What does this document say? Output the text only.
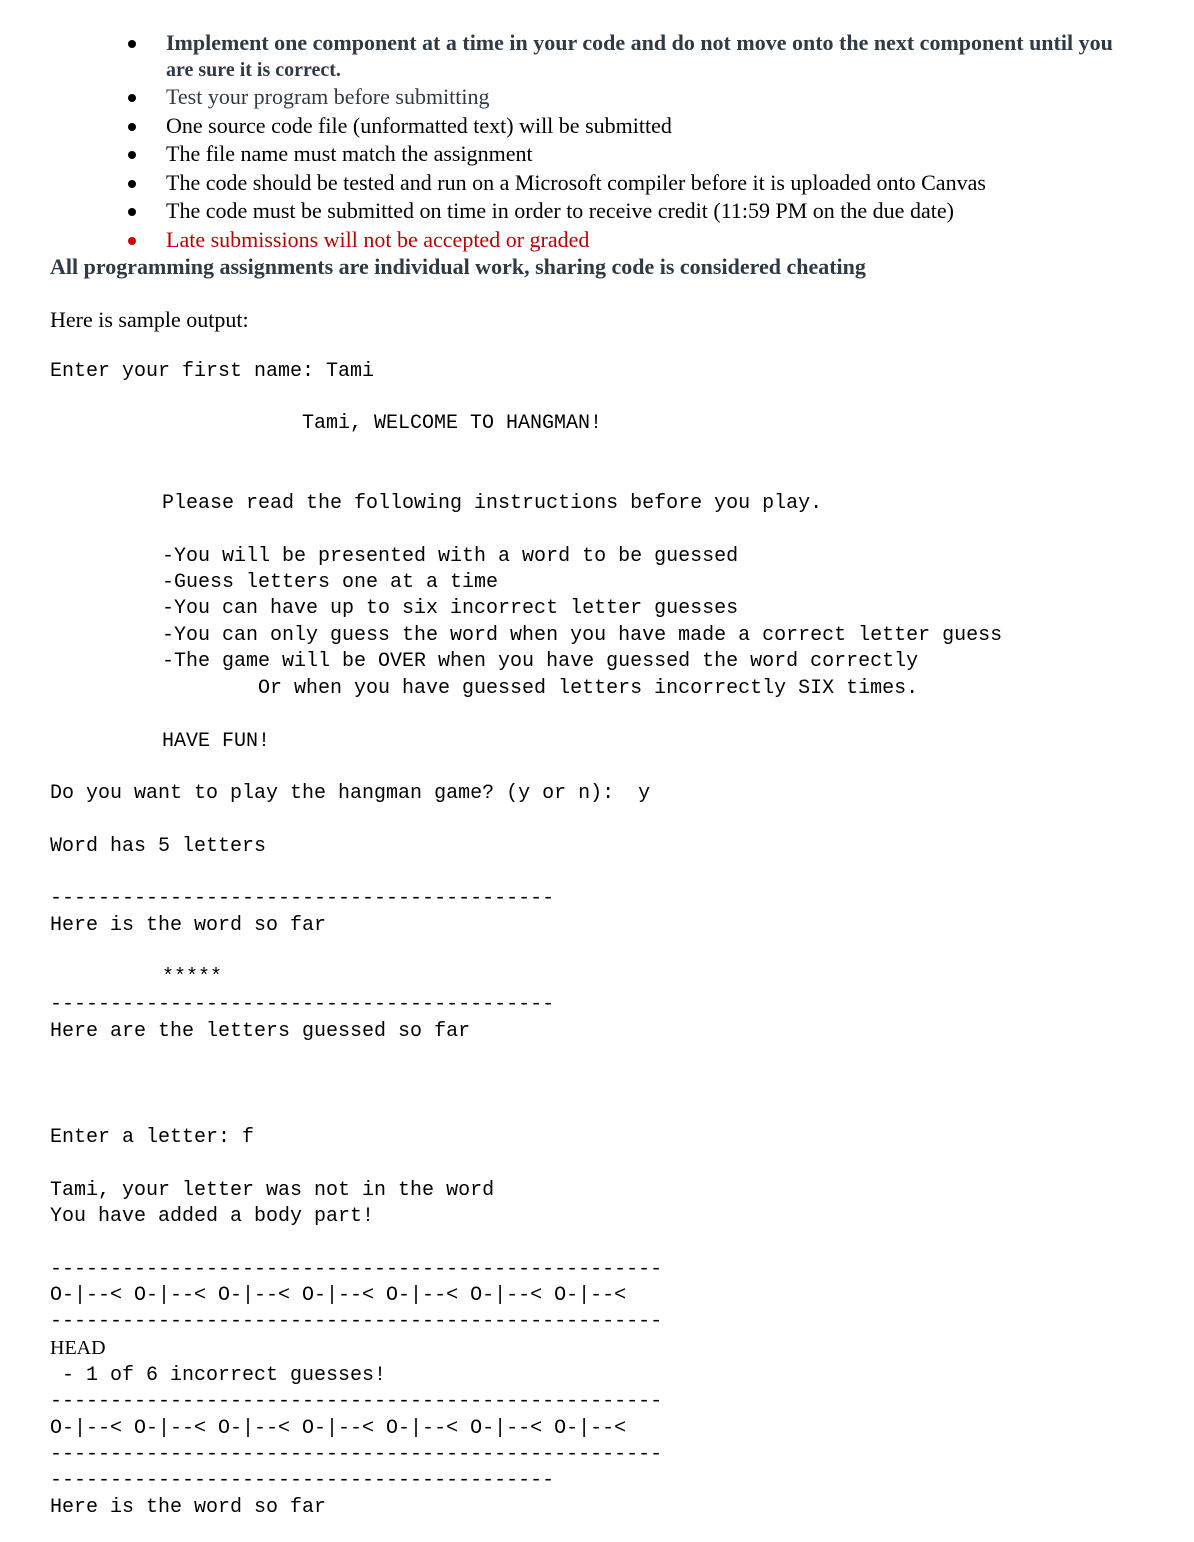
Implement one component at a time in your code and do not move onto the next component until you
are sure it is correct.
Test your program before submitting
One source code file (unformatted text) will be submitted
The file name must match the assignment
The code should be tested and run on a Microsoft compiler before it is uploaded onto Canvas
The code must be submitted on time in order to receive credit (11:59 PM on the due date)
Late submissions will not be accepted or graded
All programming assignments are individual work, sharing code is considered cheating
Here is sample output:
Enter your first name: Tami
Tami, WELCOME TO HANGMAN!
Please read the following instructions before you play.
-You will be presented with a word to be guessed
-Guess letters one at a time
-You can have up to six incorrect letter guesses
-You can only guess the word when you have made a correct letter guess
-The game will be OVER when you have guessed the word correctly
Or when you have guessed letters incorrectly SIX times.
HAVE FUN!
Do you want to play the hangman game? (y or n):  y
Word has 5 letters
------------------------------------------
Here is the word so far
*****
------------------------------------------
Here are the letters guessed so far
Enter a letter: f
Tami, your letter was not in the word
You have added a body part!
---------------------------------------------------
O-|--< O-|--< O-|--< O-|--< O-|--< O-|--< O-|--<
---------------------------------------------------
HEAD
- 1 of 6 incorrect guesses!
---------------------------------------------------
O-|--< O-|--< O-|--< O-|--< O-|--< O-|--< O-|--<
---------------------------------------------------
------------------------------------------
Here is the word so far
